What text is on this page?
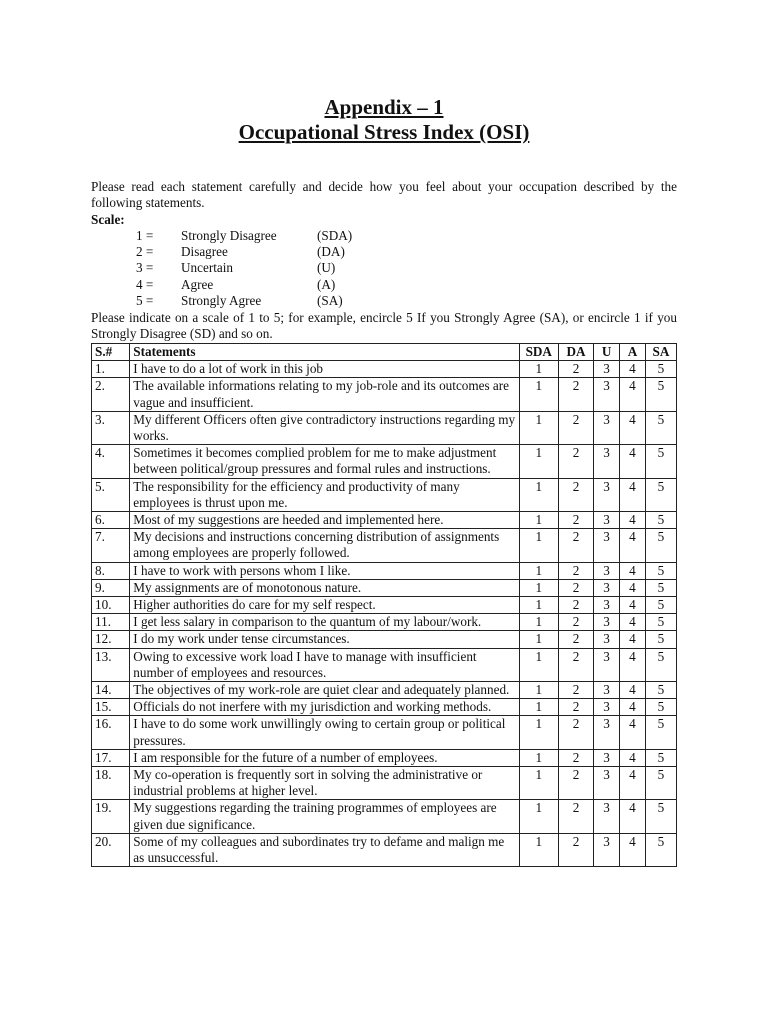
Appendix – 1
Occupational Stress Index (OSI)
Please read each statement carefully and decide how you feel about your occupation described by the following statements.
Scale:
1 = Strongly Disagree	(SDA)
2 = Disagree	(DA)
3 = Uncertain	(U)
4 = Agree	(A)
5 = Strongly Agree	(SA)
Please indicate on a scale of 1 to 5; for example, encircle 5 If you Strongly Agree (SA), or encircle 1 if you Strongly Disagree (SD) and so on.
S.#	Statements	SDA	DA	U	A	SA
1.	I have to do a lot of work in this job	1	2	3	4	5
2.	The available informations relating to my job-role and its outcomes are vague and insufficient.	1	2	3	4	5
3.	My different Officers often give contradictory instructions regarding my works.	1	2	3	4	5
4.	Sometimes it becomes complied problem for me to make adjustment between political/group pressures and formal rules and instructions.	1	2	3	4	5
5.	The responsibility for the efficiency and productivity of many employees is thrust upon me.	1	2	3	4	5
6.	Most of my suggestions are heeded and implemented here.	1	2	3	4	5
7.	My decisions and instructions concerning distribution of assignments among employees are properly followed.	1	2	3	4	5
8.	I have to work with persons whom I like.	1	2	3	4	5
9.	My assignments are of monotonous nature.	1	2	3	4	5
10.	Higher authorities do care for my self respect.	1	2	3	4	5
11.	I get less salary in comparison to the quantum of my labour/work.	1	2	3	4	5
12.	I do my work under tense circumstances.	1	2	3	4	5
13.	Owing to excessive work load I have to manage with insufficient number of employees and resources.	1	2	3	4	5
14.	The objectives of my work-role are quiet clear and adequately planned.	1	2	3	4	5
15.	Officials do not inerfere with my jurisdiction and working methods.	1	2	3	4	5
16.	I have to do some work unwillingly owing to certain group or political pressures.	1	2	3	4	5
17.	I am responsible for the future of a number of employees.	1	2	3	4	5
18.	My co-operation is frequently sort in solving the administrative or industrial problems at higher level.	1	2	3	4	5
19.	My suggestions regarding the training programmes of employees are given due significance.	1	2	3	4	5
20.	Some of my colleagues and subordinates try to defame and malign me as unsuccessful.	1	2	3	4	5
